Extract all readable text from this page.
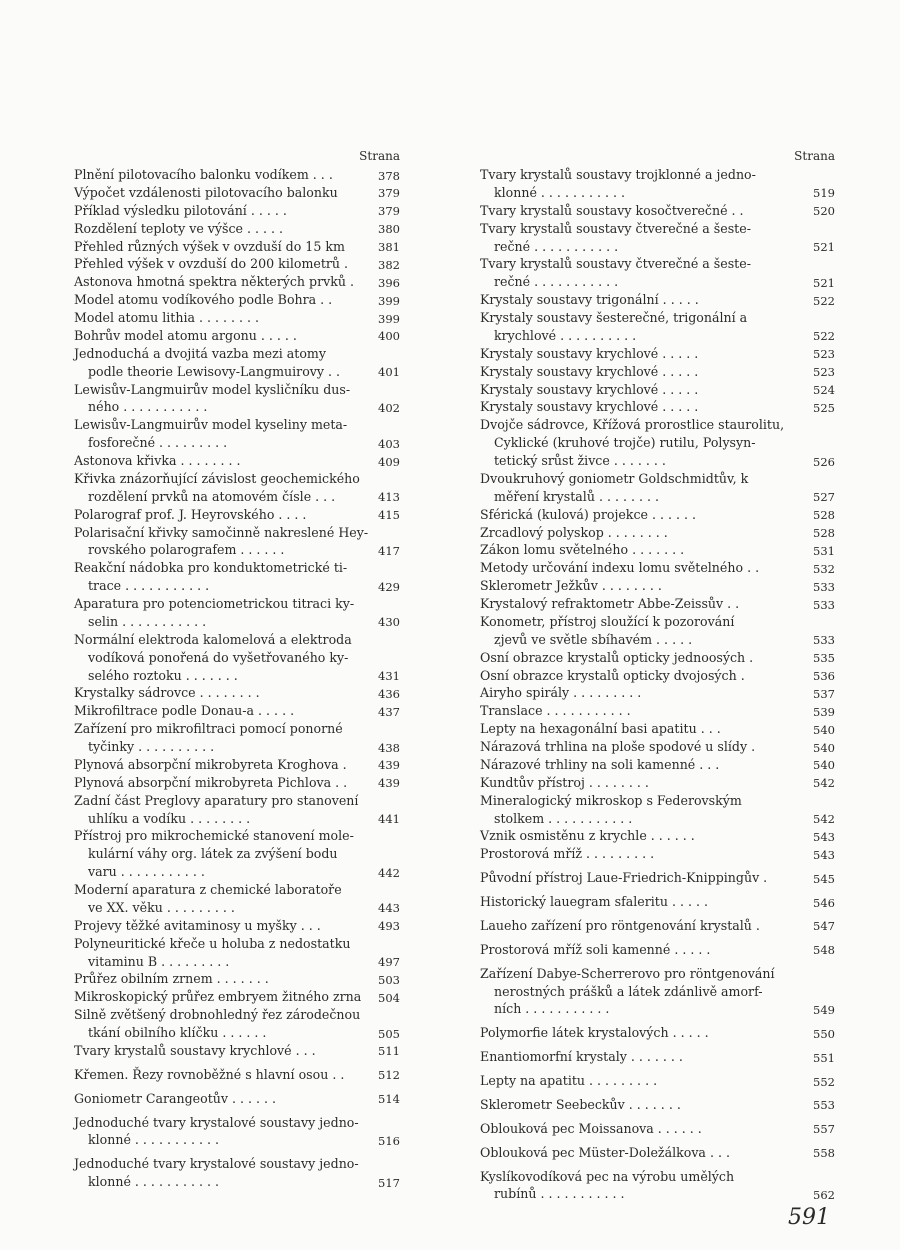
Strana
Plnění pilotovacího balonku vodíkem . . .	378
Výpočet vzdálenosti pilotovacího balonku	379
Příklad výsledku pilotování . . . . .	379
Rozdělení teploty ve výšce . . . . .	380
Přehled různých výšek v ovzduší do 15 km	381
Přehled výšek v ovzduší do 200 kilometrů .	382
Astonova hmotná spektra některých prvků .	396
Model atomu vodíkového podle Bohra . .	399
Model atomu lithia . . . . . . . .	399
Bohrův model atomu argonu . . . . .	400
Jednoduchá a dvojitá vazba mezi atomy
podle theorie Lewisovy-Langmuirovy . .	401
Lewisův-Langmuirův model kysličníku dus-
ného . . . . . . . . . . .	402
Lewisův-Langmuirův model kyseliny meta-
fosforečné . . . . . . . . .	403
Astonova křivka . . . . . . . .	409
Křivka znázorňující závislost geochemického
rozdělení prvků na atomovém čísle . . .	413
Polarograf prof. J. Heyrovského . . . .	415
Polarisační křivky samočinně nakreslené Hey-
rovského polarografem . . . . . .	417
Reakční nádobka pro konduktometrické ti-
trace . . . . . . . . . . .	429
Aparatura pro potenciometrickou titraci ky-
selin . . . . . . . . . . .	430
Normální elektroda kalomelová a elektroda
vodíková ponořená do vyšetřovaného ky-
selého roztoku . . . . . . .	431
Krystalky sádrovce . . . . . . . .	436
Mikrofiltrace podle Donau-a . . . . .	437
Zařízení pro mikrofiltraci pomocí ponorné
tyčinky . . . . . . . . . .	438
Plynová absorpční mikrobyreta Kroghova .	439
Plynová absorpční mikrobyreta Pichlova . .	439
Zadní část Preglovy aparatury pro stanovení
uhlíku a vodíku . . . . . . . .	441
Přístroj pro mikrochemické stanovení mole-
kulární váhy org. látek za zvýšení bodu
varu . . . . . . . . . . .	442
Moderní aparatura z chemické laboratoře
ve XX. věku . . . . . . . . .	443
Projevy těžké avitaminosy u myšky . . .	493
Polyneuritické křeče u holuba z nedostatku
vitaminu B . . . . . . . . .	497
Průřez obilním zrnem . . . . . . .	503
Mikroskopický průřez embryem žitného zrna	504
Silně zvětšený drobnohledný řez zárodečnou
tkání obilního klíčku . . . . . .	505
Tvary krystalů soustavy krychlové . . .	511
Křemen. Řezy rovnoběžné s hlavní osou . .	512
Goniometr Carangeotův . . . . . .	514
Jednoduché tvary krystalové soustavy jedno-
klonné . . . . . . . . . . .	516
Jednoduché tvary krystalové soustavy jedno-
klonné . . . . . . . . . . .	517
Strana
Tvary krystalů soustavy trojklonné a jedno-
klonné . . . . . . . . . . .	519
Tvary krystalů soustavy kosočtverečné . .	520
Tvary krystalů soustavy čtverečné a šeste-
rečné . . . . . . . . . . .	521
Tvary krystalů soustavy čtverečné a šeste-
rečné . . . . . . . . . . .	521
Krystaly soustavy trigonální . . . . .	522
Krystaly soustavy šesterečné, trigonální a
krychlové . . . . . . . . . .	522
Krystaly soustavy krychlové . . . . .	523
Krystaly soustavy krychlové . . . . .	523
Krystaly soustavy krychlové . . . . .	524
Krystaly soustavy krychlové . . . . .	525
Dvojče sádrovce, Křížová prorostlice staurolitu,
Cyklické (kruhové trojče) rutilu, Polysyn-
tetický srůst živce . . . . . . .	526
Dvoukruhový goniometr Goldschmidtův, k
měření krystalů . . . . . . . .	527
Sférická (kulová) projekce . . . . . .	528
Zrcadlový polyskop . . . . . . . .	528
Zákon lomu světelného . . . . . . .	531
Metody určování indexu lomu světelného . .	532
Sklerometr Ježkův . . . . . . . .	533
Krystalový refraktometr Abbe-Zeissův . .	533
Konometr, přístroj sloužící k pozorování
zjevů ve světle sbíhavém . . . . .	533
Osní obrazce krystalů opticky jednoosých .	535
Osní obrazce krystalů opticky dvojosých .	536
Airyho spirály . . . . . . . . .	537
Translace . . . . . . . . . . .	539
Lepty na hexagonální basi apatitu . . .	540
Nárazová trhlina na ploše spodové u slídy .	540
Nárazové trhliny na soli kamenné . . .	540
Kundtův přístroj . . . . . . . .	542
Mineralogický mikroskop s Federovským
stolkem . . . . . . . . . . .	542
Vznik osmistěnu z krychle . . . . . .	543
Prostorová mříž . . . . . . . . .	543
Původní přístroj Laue-Friedrich-Knippingův .	545
Historický lauegram sfaleritu . . . . .	546
Laueho zařízení pro röntgenování krystalů .	547
Prostorová mříž soli kamenné . . . . .	548
Zařízení Dabye-Scherrerovo pro röntgenování
nerostných prášků a látek zdánlivě amorf-
ních . . . . . . . . . . .	549
Polymorfie látek krystalových . . . . .	550
Enantiomorfní krystaly . . . . . . .	551
Lepty na apatitu . . . . . . . . .	552
Sklerometr Seebeckův . . . . . . .	553
Oblouková pec Moissanova . . . . . .	557
Oblouková pec Müster-Doležálkova . . .	558
Kyslíkovodíková pec na výrobu umělých
rubínů . . . . . . . . . . .	562
591
